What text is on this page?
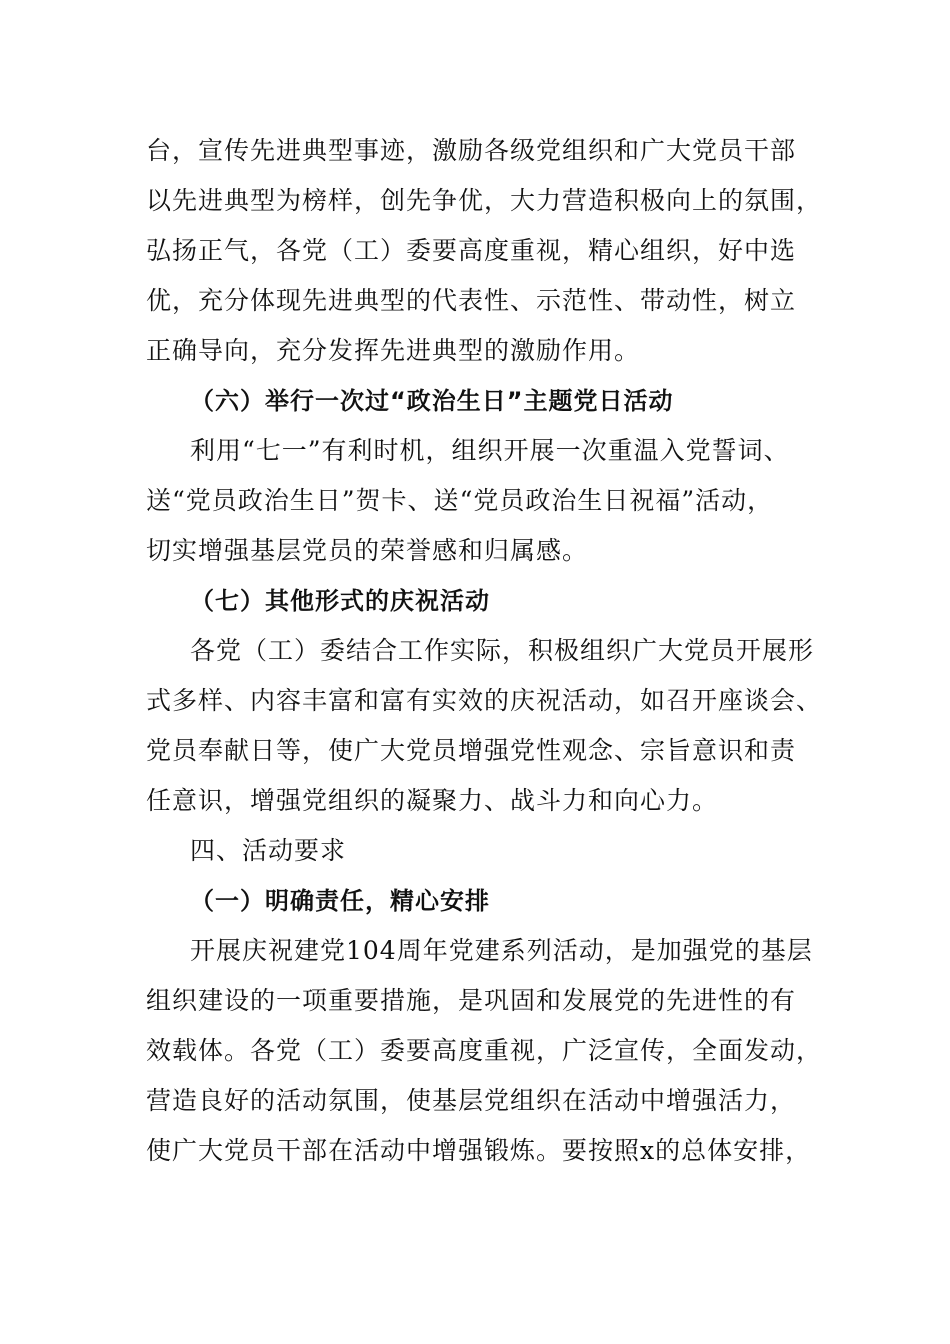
台，宣传先进典型事迹，激励各级党组织和广大党员干部
以先进典型为榜样，创先争优，大力营造积极向上的氛围，
弘扬正气，各党（工）委要高度重视，精心组织，好中选
优，充分体现先进典型的代表性、示范性、带动性，树立
正确导向，充分发挥先进典型的激励作用。
（六）举行一次过“政治生日”主题党日活动
利用“七一”有利时机，组织开展一次重温入党誓词、
送“党员政治生日”贺卡、送“党员政治生日祝福”活动，
切实增强基层党员的荣誉感和归属感。
（七）其他形式的庆祝活动
各党（工）委结合工作实际，积极组织广大党员开展形
式多样、内容丰富和富有实效的庆祝活动，如召开座谈会、
党员奉献日等，使广大党员增强党性观念、宗旨意识和责
任意识，增强党组织的凝聚力、战斗力和向心力。
四、活动要求
（一）明确责任，精心安排
开展庆祝建党104周年党建系列活动，是加强党的基层
组织建设的一项重要措施，是巩固和发展党的先进性的有
效载体。各党（工）委要高度重视，广泛宣传，全面发动，
营造良好的活动氛围，使基层党组织在活动中增强活力，
使广大党员干部在活动中增强锻炼。要按照x的总体安排，
